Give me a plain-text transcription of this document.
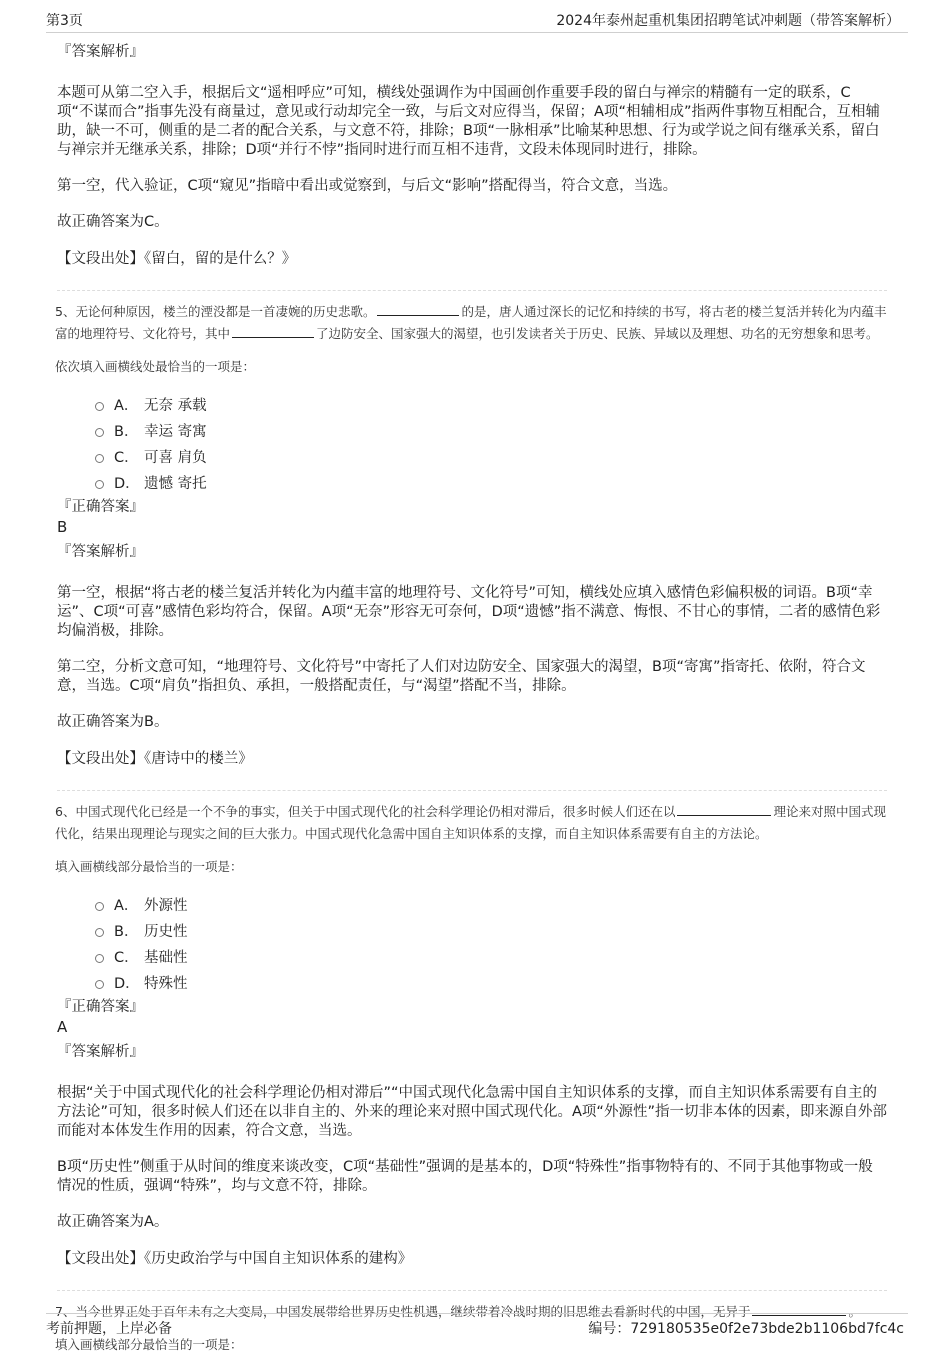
第3页	2024年泰州起重机集团招聘笔试冲刺题（带答案解析）
『答案解析』

本题可从第二空入手，根据后文“遥相呼应”可知，横线处强调作为中国画创作重要手段的留白与禅宗的精髓有一定的联系，C项“不谋而合”指事先没有商量过，意见或行动却完全一致，与后文对应得当，保留；A项“相辅相成”指两件事物互相配合，互相辅助，缺一不可，侧重的是二者的配合关系，与文意不符，排除；B项“一脉相承”比喻某种思想、行为或学说之间有继承关系，留白与禅宗并无继承关系，排除；D项“并行不悖”指同时进行而互相不违背，文段未体现同时进行，排除。

第一空，代入验证，C项“窥见”指暗中看出或觉察到，与后文“影响”搭配得当，符合文意，当选。

故正确答案为C。

【文段出处】《留白，留的是什么？》
5、无论何种原因，楼兰的湮没都是一首凄婉的历史悲歌。	的是，唐人通过深长的记忆和持续的书写，将古老的楼兰复活并转化为内蕴丰富的地理符号、文化符号，其中	了边防安全、国家强大的渴望，也引发读者关于历史、民族、异域以及理想、功名的无穷想象和思考。
依次填入画横线处最恰当的一项是：
A． 无奈 承载
B． 幸运 寄寓
C． 可喜 肩负
D． 遗憾 寄托
『正确答案』
B
『答案解析』

第一空，根据“将古老的楼兰复活并转化为内蕴丰富的地理符号、文化符号”可知，横线处应填入感情色彩偏积极的词语。B项“幸运”、C项“可喜”感情色彩均符合，保留。A项“无奈”形容无可奈何，D项“遗憾”指不满意、悔恨、不甘心的事情，二者的感情色彩均偏消极，排除。

第二空，分析文意可知，“地理符号、文化符号”中寄托了人们对边防安全、国家强大的渴望，B项“寄寓”指寄托、依附，符合文意，当选。C项“肩负”指担负、承担，一般搭配责任，与“渴望”搭配不当，排除。

故正确答案为B。

【文段出处】《唐诗中的楼兰》
6、中国式现代化已经是一个不争的事实，但关于中国式现代化的社会科学理论仍相对滞后，很多时候人们还在以	理论来对照中国式现代化，结果出现理论与现实之间的巨大张力。中国式现代化急需中国自主知识体系的支撑，而自主知识体系需要有自主的方法论。
填入画横线部分最恰当的一项是：
A． 外源性
B． 历史性
C． 基础性
D． 特殊性
『正确答案』
A
『答案解析』

根据“关于中国式现代化的社会科学理论仍相对滞后”“中国式现代化急需中国自主知识体系的支撑，而自主知识体系需要有自主的方法论”可知，很多时候人们还在以非自主的、外来的理论来对照中国式现代化。A项“外源性”指一切非本体的因素，即来源自外部而能对本体发生作用的因素，符合文意，当选。

B项“历史性”侧重于从时间的维度来谈改变，C项“基础性”强调的是基本的，D项“特殊性”指事物特有的、不同于其他事物或一般情况的性质，强调“特殊”，均与文意不符，排除。

故正确答案为A。

【文段出处】《历史政治学与中国自主知识体系的建构》
7、当今世界正处于百年未有之大变局，中国发展带给世界历史性机遇，继续带着冷战时期的旧思维去看新时代的中国，无异于	。
填入画横线部分最恰当的一项是：
考前押题，上岸必备	编号：729180535e0f2e73bde2b1106bd7fc4c
